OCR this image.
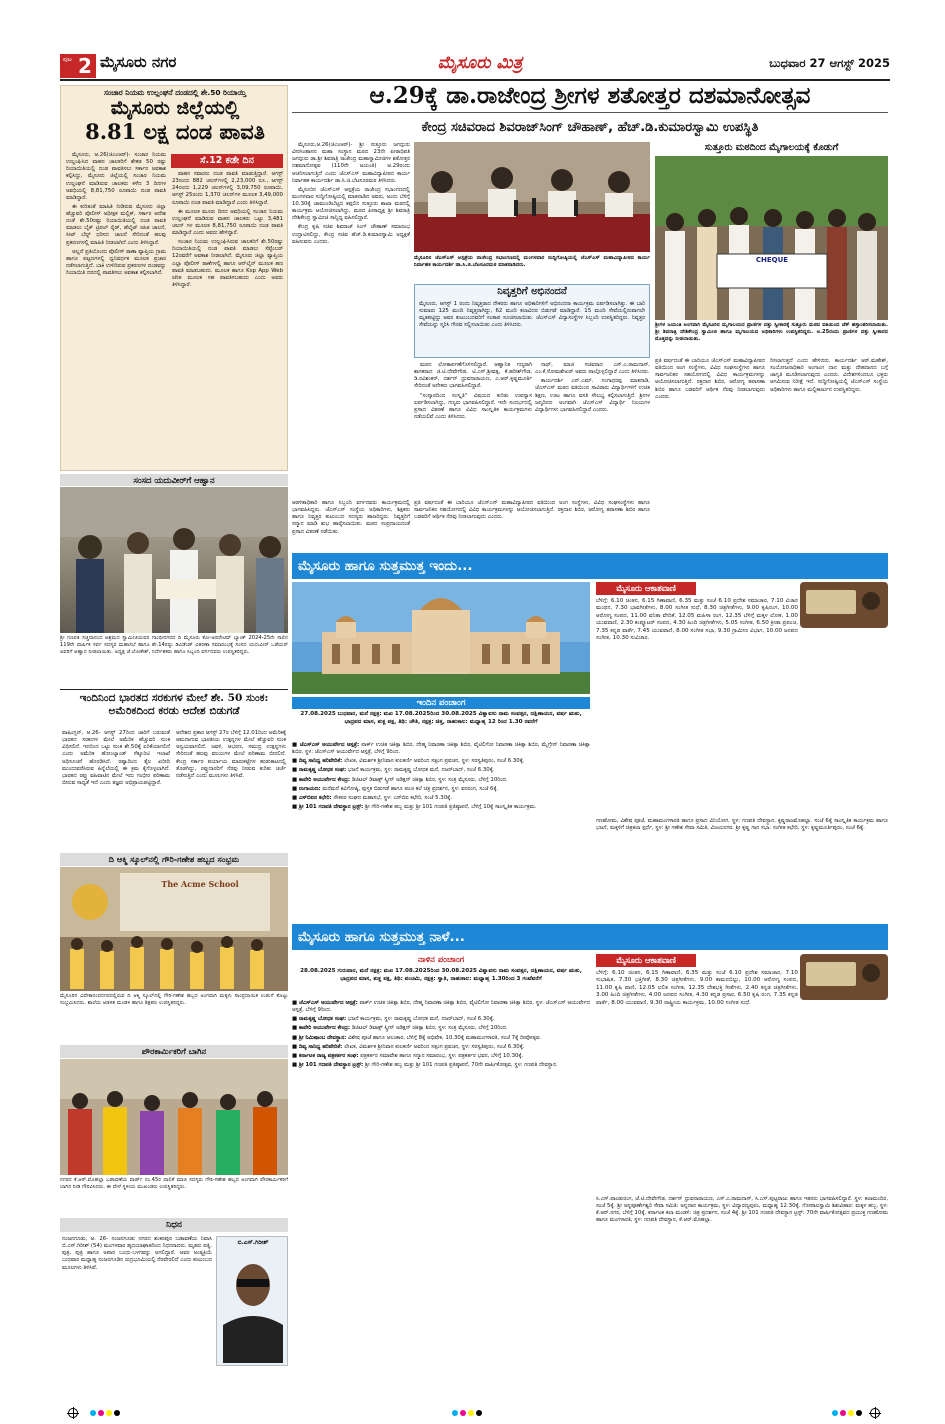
ಪುಟ 2 ಮೈಸೂರು ನಗರ	ಮೈಸೂರು ಮಿತ್ರ	ಬುಧವಾರ 27 ಆಗಸ್ಟ್ 2025
ಸಂಚಾರ ನಿಯಮ ಉಲ್ಲಂಘನೆ ದಂಡದಲ್ಲಿ ಶೇ.50 ರಿಯಾಯ್ತಿ
ಮೈಸೂರು ಜಿಲ್ಲೆಯಲ್ಲಿ
8.81 ಲಕ್ಷ ದಂಡ ಪಾವತಿ

ಮೈಸೂರು, ಆ.26(ಜಿಎಂಆರ್)- ಸಂಚಾರ ನಿಯಮ ಉಲ್ಲಂಘಿಸಿದ ವಾಹನ ಚಾಲಕರಿಗೆ ಶೇಕಡ 50 ರಷ್ಟು ರಿಯಾಯಿತಿಯಲ್ಲಿ ದಂಡ ಪಾವತಿಸಲು ಸರ್ಕಾರ ಅವಕಾಶ ಕಲ್ಪಿಸಿದ್ದು, ಮೈಸೂರು ಜಿಲ್ಲೆಯಲ್ಲಿ ಸಂಚಾರ ನಿಯಮ ಉಲ್ಲಂಘನೆ ಮಾಡಿರುವ ಚಾಲಕರು ಕಳೆದ 3 ದಿನಗಳ ಅವಧಿಯಲ್ಲಿ 8,81,750 ರೂಪಾಯಿ ದಂಡ ಪಾವತಿ ಮಾಡಿದ್ದಾರೆ.

ಈ ಕುರಿತಂತೆ ಮಾಹಿತಿ ನೀಡಿರುವ ಮೈಸೂರು ಜಿಲ್ಲಾ ಹೆಚ್ಚುವರಿ ಪೊಲೀಸ್ ಅಧೀಕ್ಷಕ ಮಲ್ಲಿಕ್, ಸರ್ಕಾರ ಆದೇಶ ದಂತೆ ಶೇ.50ರಷ್ಟು ರಿಯಾಯಿತಿಯಲ್ಲಿ ದಂಡ ಪಾವತಿ ಮಾಡಲು ಬೈಕ್ ಟ್ರಿಪಲ್ ರೈಡ್, ಹೆಲ್ಮೆಟ್ ರಹಿತ ಚಾಲನೆ, ಸೀಟ್ ಬೆಲ್ಟ್ ಧರಿಸದ ಚಾಲನೆ ಸೇರಿದಂತೆ ಹಲವು ಪ್ರಕರಣಗಳಲ್ಲಿ ಮಾಹಿತಿ ನೀಡಲಾಗಿದೆ ಎಂದು ತಿಳಿಸಿದ್ದಾರೆ.

ಅಲ್ಲದೆ ಪ್ರತಿಯೊಂದು ಪೊಲೀಸ್ ಠಾಣಾ ವ್ಯಾಪ್ತಿಯ ಗ್ರಾಮ ಹಾಗೂ ಪಟ್ಟಣಗಳಲ್ಲಿ ಧ್ವನಿವರ್ಧಕ ಮೂಲಕ ಪ್ರಚಾರ ನಡೆಸಲಾಗುತ್ತಿದೆ. ಬಾಕಿ ಉಳಿದಿರುವ ಪ್ರಕರಣಗಳ ದಂಡವನ್ನು ರಿಯಾಯಿತಿ ದರದಲ್ಲಿ ಪಾವತಿಸಲು ಅವಕಾಶ ಕಲ್ಪಿಸಲಾಗಿದೆ.

ಸೆ.12 ಕಡೇ ದಿನ

ವಾಹನ ಸವಾರರು ದಂಡ ಪಾವತಿ ಮಾಡುತ್ತಿದ್ದಾರೆ. ಆಗಸ್ಟ್ 23ರಂದು 882 ಚಲನ್‌ಗಳಲ್ಲಿ 2,23,000 ರೂ., ಆಗಸ್ಟ್ 24ರಂದು 1,229 ಚಲನ್‌ಗಳಲ್ಲಿ 3,09,750 ರೂಪಾಯಿ, ಆಗಸ್ಟ್ 25ರಂದು 1,370 ಚಲನ್‌ಗಳ ಮೂಲಕ 3,49,000 ರೂಪಾಯಿ ದಂಡ ಪಾವತಿ ಮಾಡಿದ್ದಾರೆ ಎಂದು ತಿಳಿಸಿದ್ದಾರೆ.

ಈ ಮೂಲಕ ಮೂರು ದಿನದ ಅವಧಿಯಲ್ಲಿ ಸಂಚಾರ ನಿಯಮ ಉಲ್ಲಂಘನೆ ಮಾಡಿರುವ ವಾಹನ ಚಾಲಕರು ಒಟ್ಟು 3,481 ಚಲನ್ ಗಳ ಮೂಲಕ 8,81,750 ರೂಪಾಯಿ ದಂಡ ಪಾವತಿ ಮಾಡಿದ್ದಾರೆ ಎಂದು ಅವರು ಹೇಳಿದ್ದಾರೆ.

ಸಂಚಾರ ನಿಯಮ ಉಲ್ಲಂಘಿಸಿರುವ ಚಾಲಕರಿಗೆ ಶೇ.50ರಷ್ಟು ರಿಯಾಯಿತಿಯಲ್ಲಿ ದಂಡ ಪಾವತಿ ಮಾಡಲು ಸೆಪ್ಟೆಂಬರ್ 12ರವರೆಗೆ ಅವಕಾಶ ನೀಡಲಾಗಿದೆ. ಮೈಸೂರು ಜಿಲ್ಲಾ ವ್ಯಾಪ್ತಿಯ ಎಲ್ಲಾ ಪೊಲೀಸ್ ಠಾಣೆಗಳಲ್ಲಿ ಹಾಗೂ ಆನ್‌ಲೈನ್ ಮೂಲಕ ಹಣ ಪಾವತಿ ಮಾಡಬಹುದು. ಮೂಲಕ ಹಾಗೂ Ksp App Web site ಮೂಲಕ ಸಹ ಪಾವತಿಸಬಹುದು ಎಂದು ಅವರು ತಿಳಿಸಿದ್ದಾರೆ.

ಸಂಸದ ಯದುವೀರ್‌ಗೆ ಆಹ್ವಾನ
ಶ್ರೀ ಗಣಪತಿ ಸಚ್ಚಿದಾನಂದ ಆಶ್ರಮದ ಸ್ವಾಮೀಜಿಯವರ ಗಾಂಧೀನಗರದ ದಿ ಮೈಸೂರು ಕೋ-ಆಪರೇಟಿವ್ ಬ್ಯಾಂಕ್ 2024-25ನೇ ಸಾಲಿನ 119ನೇ ವಾರ್ಷಿಕ ಸರ್ವ ಸದಸ್ಯರ ಮಹಾಸಭೆ ಹಾಗೂ ಶೇ.14ರಷ್ಟು ಡಿವಿಡೆಂಡ್ ವಿತರಣಾ ಸಮಾರಂಭಕ್ಕೆ ಸಂಸದ ಯದುವೀರ್ ಒಡೆಯರ್ ಅವರಿಗೆ ಆಹ್ವಾನ ನೀಡಲಾಯಿತು. ಅಧ್ಯಕ್ಷ ಜೆ.ಲೋಕೇಶ್, ನಿರ್ದೇಶಕರು ಹಾಗೂ ಸಿಬ್ಬಂದಿ ವರ್ಗದವರು ಉಪಸ್ಥಿತರಿದ್ದರು.
ಇಂದಿನಿಂದ ಭಾರತದ ಸರಕುಗಳ ಮೇಲೆ ಶೇ. 50 ಸುಂಕ: ಅಮೆರಿಕದಿಂದ ಕರಡು ಆದೇಶ ಬಿಡುಗಡೆ
ವಾಷಿಂಗ್ಟನ್, ಆ.26- ಆಗಸ್ಟ್ 27ರಿಂದ ಜಾರಿಗೆ ಬರುವಂತೆ ಭಾರತದ ಸರಕುಗಳ ಮೇಲೆ ಅಮೆರಿಕ ಹೆಚ್ಚುವರಿ ಸುಂಕ ವಿಧಿಸಲಿದೆ. ಇದರಿಂದ ಒಟ್ಟು ಸುಂಕ ಶೇ.50ಕ್ಕೆ ಏರಿಕೆಯಾಗಲಿದೆ ಎಂದು ಅಮೆರಿಕ ಹೋಂಲ್ಯಾಂಡ್ ಸೆಕ್ಯೂರಿಟಿ ಇಲಾಖೆ ಅಧಿಸೂಚನೆ ಹೊರಡಿಸಿದೆ. ರಷ್ಯಾದಿಂದ ತೈಲ ಖರೀದಿ ಮುಂದುವರೆಸಿರುವ ಹಿನ್ನೆಲೆಯಲ್ಲಿ ಈ ಕ್ರಮ ಕೈಗೊಳ್ಳಲಾಗಿದೆ. ಭಾರತದ ರಫ್ತು ವಹಿವಾಟಿನ ಮೇಲೆ ಇದು ಗಂಭೀರ ಪರಿಣಾಮ ಬೀರುವ ಸಾಧ್ಯತೆ ಇದೆ ಎಂದು ತಜ್ಞರು ಅಭಿಪ್ರಾಯಪಟ್ಟಿದ್ದಾರೆ.
ಆದೇಶದ ಪ್ರಕಾರ ಆಗಸ್ಟ್ 27ರ ಬೆಳಿಗ್ಗೆ 12.01ರಿಂದ ಅಮೆರಿಕಕ್ಕೆ ಆಮದಾಗುವ ಭಾರತೀಯ ಉತ್ಪನ್ನಗಳ ಮೇಲೆ ಹೆಚ್ಚುವರಿ ಸುಂಕ ಅನ್ವಯವಾಗಲಿದೆ. ಜವಳಿ, ಆಭರಣ, ಸಮುದ್ರ ಉತ್ಪನ್ನಗಳು ಸೇರಿದಂತೆ ಹಲವು ವಲಯಗಳ ಮೇಲೆ ಪರಿಣಾಮ ಬೀರಲಿದೆ. ಕೇಂದ್ರ ಸರ್ಕಾರ ಪರ್ಯಾಯ ಮಾರುಕಟ್ಟೆಗಳ ಹುಡುಕಾಟದಲ್ಲಿ ತೊಡಗಿದ್ದು, ರಫ್ತುದಾರರಿಗೆ ನೆರವು ನೀಡುವ ಕುರಿತು ಚರ್ಚೆ ನಡೆಸುತ್ತಿದೆ ಎಂದು ಮೂಲಗಳು ತಿಳಿಸಿವೆ.
ದಿ ಆಕ್ಮಿ ಸ್ಕೂಲ್‌ನಲ್ಲಿ ಗೌರಿ-ಗಣೇಶ ಹಬ್ಬದ ಸಂಭ್ರಮ
The Acme School
ಮೈಸೂರಿನ ವಿವೇಕಾನಂದನಗರದಲ್ಲಿರುವ ದಿ ಆಕ್ಮಿ ಸ್ಕೂಲ್‌ನಲ್ಲಿ ಗೌರಿ-ಗಣೇಶ ಹಬ್ಬದ ಅಂಗವಾಗಿ ಮಕ್ಕಳು ಸಾಂಪ್ರದಾಯಿಕ ಉಡುಗೆ ತೊಟ್ಟು ಸಂಭ್ರಮಿಸಿದರು. ಶಾಲೆಯ ಆಡಳಿತ ಮಂಡಳಿ ಹಾಗೂ ಶಿಕ್ಷಕರು ಉಪಸ್ಥಿತರಿದ್ದರು.
ಪೌರಕಾರ್ಮಿಕರಿಗೆ ಬಾಗಿನ
ನಗರದ ಕೆ.ಆರ್.ಮೊಹಲ್ಲಾ ಬಡಾವಣೆಯ ವಾರ್ಡ್ ನಂ.45ರ ಪಾಲಿಕೆ ಮಾಜಿ ಸದಸ್ಯರು ಗೌರಿ-ಗಣೇಶ ಹಬ್ಬದ ಅಂಗವಾಗಿ ಪೌರಕಾರ್ಮಿಕರಿಗೆ ಬಾಗಿನ ನೀಡಿ ಗೌರವಿಸಿದರು. ಈ ವೇಳೆ ಸ್ಥಳೀಯ ಮುಖಂಡರು ಉಪಸ್ಥಿತರಿದ್ದರು.
ನಿಧನ
ನಂಜನಗೂಡು, ಆ. 26- ನಂಜನಗೂಡು ನಗರದ ಶಂಕರಪುರ ಬಡಾವಣೆಯ ನಿವಾಸಿ ಬಿ.ಎಸ್.ಗಿರೀಶ್ (54) ಮಂಗಳವಾರ ಹೃದಯಾಘಾತದಿಂದ ನಿಧನರಾದರು. ಮೃತರು ಪತ್ನಿ, ಪುತ್ರ, ಪುತ್ರಿ ಹಾಗೂ ಅಪಾರ ಬಂಧು-ಬಳಗವನ್ನು ಅಗಲಿದ್ದಾರೆ. ಅವರ ಅಂತ್ಯಕ್ರಿಯೆ ಬುಧವಾರ ಮಧ್ಯಾಹ್ನ ನಂಜನಗೂಡಿನ ರುದ್ರಭೂಮಿಯಲ್ಲಿ ನೆರವೇರಲಿದೆ ಎಂದು ಕುಟುಂಬದ ಮೂಲಗಳು ತಿಳಿಸಿವೆ.
ಬಿ.ಎಸ್.ಗಿರೀಶ್
ಆ.29ಕ್ಕೆ ಡಾ.ರಾಜೇಂದ್ರ ಶ್ರೀಗಳ ಶತೋತ್ತರ ದಶಮಾನೋತ್ಸವ
ಕೇಂದ್ರ ಸಚಿವರಾದ ಶಿವರಾಜ್‌ಸಿಂಗ್ ಚೌಹಾಣ್, ಹೆಚ್.ಡಿ.ಕುಮಾರಸ್ವಾಮಿ ಉಪಸ್ಥಿತಿ

ಮೈಸೂರು,ಆ.26(ಜಿಎಂಆರ್)- ಶ್ರೀ ಸುತ್ತೂರು ಜಗದ್ಗುರು ವೀರಸಿಂಹಾಸನ ಮಹಾ ಸಂಸ್ಥಾನ ಮಠದ 23ನೇ ಪೀಠಾಧಿಪತಿ ಜಗದ್ಗುರು ಡಾ.ಶ್ರೀ ಶಿವರಾತ್ರಿ ರಾಜೇಂದ್ರ ಮಹಾಸ್ವಾಮೀಜಿಗಳ ಶತೋತ್ತರ ದಶಮಾನೋತ್ಸವ (110ನೇ ಜಯಂತಿ) ಆ.29ರಂದು ಆಚರಿಸಲಾಗುತ್ತಿದೆ ಎಂದು ಜೆಎಸ್‌ಎಸ್ ಮಹಾವಿದ್ಯಾಪೀಠದ ಕಾರ್ಯ ನಿರ್ವಾಹಕ ಕಾರ್ಯದರ್ಶಿ ಡಾ.ಸಿ.ಜಿ.ಬೆಟಸೂರಮಠ ತಿಳಿಸಿದರು.

ಮೈಸೂರಿನ ಜೆಎಸ್‌ಎಸ್ ಆಸ್ಪತ್ರೆಯ ರಾಜೇಂದ್ರ ಸಭಾಂಗಣದಲ್ಲಿ ಮಂಗಳವಾರ ಸುದ್ದಿಗೋಷ್ಠಿಯಲ್ಲಿ ಮಾತನಾಡಿದ ಅವರು, ಅಂದು ಬೆಳಿಗ್ಗೆ 10.30ಕ್ಕೆ ಚಾಮುಂಡಿಬೆಟ್ಟದ ತಪ್ಪಲಿನ ಸುತ್ತೂರು ಶಾಖಾ ಮಠದಲ್ಲಿ ಕಾರ್ಯಕ್ರಮ ಆಯೋಜಿಸಲಾಗಿದ್ದು, ಮಠದ ಪೀಠಾಧ್ಯಕ್ಷ ಶ್ರೀ ಶಿವರಾತ್ರಿ ದೇಶಿಕೇಂದ್ರ ಸ್ವಾಮೀಜಿ ಸಾನ್ನಿಧ್ಯ ವಹಿಸಲಿದ್ದಾರೆ.

ಕೇಂದ್ರ ಕೃಷಿ ಸಚಿವ ಶಿವರಾಜ್ ಸಿಂಗ್ ಚೌಹಾಣ್ ಸಮಾರಂಭ ಉದ್ಘಾಟಿಸಲಿದ್ದು, ಕೇಂದ್ರ ಸಚಿವ ಹೆಚ್.ಡಿ.ಕುಮಾರಸ್ವಾಮಿ ಅಧ್ಯಕ್ಷತೆ ವಹಿಸುವರು ಎಂದರು.

ಮೈಸೂರಿನ ಜೆಎಸ್‌ಎಸ್ ಆಸ್ಪತ್ರೆಯ ರಾಜೇಂದ್ರ ಸಭಾಂಗಣದಲ್ಲಿ ಮಂಗಳವಾರ ಸುದ್ದಿಗೋಷ್ಠಿಯಲ್ಲಿ ಜೆಎಸ್‌ಎಸ್ ಮಹಾವಿದ್ಯಾಪೀಠದ ಕಾರ್ಯ ನಿರ್ವಾಹಕ ಕಾರ್ಯದರ್ಶಿ ಡಾ.ಸಿ.ಜಿ.ಬೆಟಸೂರಮಠ ಮಾತನಾಡಿದರು.
ನಿವೃತ್ತರಿಗೆ ಅಭಿನಂದನೆ
ಮೈಸೂರು, ಆಗಸ್ಟ್ 1 ರಂದು ನಿವೃತ್ತರಾದ ನೌಕರರು ಹಾಗೂ ಅಧಿಕಾರಿಗಳಿಗೆ ಅಭಿನಂದನಾ ಕಾರ್ಯಕ್ರಮ ಏರ್ಪಡಿಸಲಾಗಿತ್ತು. ಈ ಬಾರಿ ಸುಮಾರು 125 ಮಂದಿ ನಿವೃತ್ತರಾಗಿದ್ದು, 62 ಮಂದಿ ಕಲಾವಿದರ ಬಿಡುಗಡೆ ಮಾಡಿದ್ದಾರೆ. 15 ಮಂದಿ ಸೇವೆಯಲ್ಲಿರುವಾಗಲೇ ಮೃತಪಟ್ಟಿದ್ದು ಅವರ ಕುಟುಂಬದವರಿಗೆ ಸಂತಾಪ ಸೂಚಿಸಲಾಯಿತು. ಜೆಎಸ್‌ಎಸ್ ವಿದ್ಯಾಸಂಸ್ಥೆಗಳ ಸಿಬ್ಬಂದಿ ಉಪಸ್ಥಿತರಿದ್ದರು. ನಿವೃತ್ತರ ಸೇವೆಯನ್ನು ಸ್ಮರಿಸಿ ಗೌರವ ಸಲ್ಲಿಸಲಾಯಿತು ಎಂದು ತಿಳಿಸಿದರು.

ಮಠದ ಲೋಕಾರ್ಪಣೆಗೊಳಿಸಲಿದ್ದಾರೆ. ಆಹ್ವಾನಿತ ಗಣ್ಯರಾಗಿ ಶಾಸಕರಾದ ಜಿ.ಟಿ.ದೇವೇಗೌಡ, ಟಿ.ಎಸ್.ಶ್ರೀವತ್ಸ, ಕೆ.ಹರೀಶ್‌ಗೌಡ, ಡಿ.ರವಿಶಂಕರ್, ದರ್ಶನ್ ಧ್ರುವನಾರಾಯಣ, ಎ.ಆರ್.ಕೃಷ್ಣಮೂರ್ತಿ ಸೇರಿದಂತೆ ಅನೇಕರು ಭಾಗವಹಿಸಲಿದ್ದಾರೆ.

"ಸಂಸ್ಕಾರದಿಂದ ಸಂಸ್ಕೃತಿ" ವಿಷಯದ ಕುರಿತು ಉಪನ್ಯಾಸ ಏರ್ಪಡಿಸಲಾಗಿದ್ದು, ಗಣ್ಯರು ಭಾಗವಹಿಸಲಿದ್ದಾರೆ. ಇದೇ ಸಂದರ್ಭದಲ್ಲಿ ಪ್ರಸಾದ ವಿತರಣೆ ಹಾಗೂ ವಿವಿಧ ಸಾಂಸ್ಕೃತಿಕ ಕಾರ್ಯಕ್ರಮಗಳು ನಡೆಯಲಿವೆ ಎಂದು ತಿಳಿಸಿದರು.

ನಾಥ್, ಮಾಜಿ ಸಚಿವರಾದ ಎಸ್.ಎ.ರಾಮದಾಸ್, ಎಂ.ಕೆ.ಸೋಮಶೇಖರ್ ಅವರು ಪಾಲ್ಗೊಳ್ಳಲಿದ್ದಾರೆ ಎಂದು ತಿಳಿಸಿದರು.

ಕಾರ್ಯದರ್ಶಿ ಎನ್.ಎಮ್. ಗಂಗಾಧರಪ್ಪ ಮಾತನಾಡಿ, ಜೆಎಸ್‌ಎಸ್ ಮಠದ ವತಿಯಿಂದ ಸಾವಿರಾರು ವಿದ್ಯಾರ್ಥಿಗಳಿಗೆ ಉಚಿತ ಶಿಕ್ಷಣ, ಊಟ ಹಾಗೂ ವಸತಿ ಸೌಲಭ್ಯ ಕಲ್ಪಿಸಲಾಗುತ್ತಿದೆ. ಶ್ರೀಗಳ ಜನ್ಮದಿನದ ಅಂಗವಾಗಿ ಜೆಎಸ್‌ಎಸ್ ವಿದ್ಯಾರ್ಥಿ ನಿಲಯಗಳ ವಿದ್ಯಾರ್ಥಿಗಳು ಭಾಗವಹಿಸಲಿದ್ದಾರೆ ಎಂದರು.

ಸುತ್ತೂರು ಮಠದಿಂದ ಮೈಗಾಲಯಕ್ಕೆ ಕೊಡುಗೆ
CHEQUE
ಶ್ರೀಗಳ ಜಯಂತಿ ಅಂಗವಾಗಿ ಮೈಸೂರಿನ ಮೃಗಾಲಯದ ಪ್ರಾಣಿಗಳ ದತ್ತು ಸ್ವೀಕಾರಕ್ಕೆ ಸುತ್ತೂರು ಮಠದ ವತಿಯಿಂದ ಚೆಕ್ ಹಸ್ತಾಂತರಿಸಲಾಯಿತು. ಶ್ರೀ ಶಿವರಾತ್ರಿ ದೇಶಿಕೇಂದ್ರ ಸ್ವಾಮೀಜಿ ಹಾಗೂ ಮೃಗಾಲಯದ ಅಧಿಕಾರಿಗಳು ಉಪಸ್ಥಿತರಿದ್ದರು. ಆ.25ರಂದು ಪ್ರಾಣಿಗಳ ದತ್ತು ಸ್ವೀಕಾರದ ಮೊತ್ತವನ್ನು ನೀಡಲಾಯಿತು.
ಆಡಳಿತಾಧಿಕಾರಿ ಹಾಗೂ ಸಿಬ್ಬಂದಿ ವರ್ಗದವರು ಕಾರ್ಯಕ್ರಮದಲ್ಲಿ ಭಾಗವಹಿಸಿದ್ದರು. ಜೆಎಸ್‌ಎಸ್ ಸಂಸ್ಥೆಯ ಅಧಿಕಾರಿಗಳು, ಶಿಕ್ಷಕರು ಹಾಗೂ ನಿವೃತ್ತರ ಕುಟುಂಬದ ಸದಸ್ಯರು ಹಾಜರಿದ್ದರು. ನಿವೃತ್ತರಿಗೆ ಸನ್ಮಾನ ಮಾಡಿ ಶುಭ ಹಾರೈಸಲಾಯಿತು. ಮಠದ ಸಂಪ್ರದಾಯದಂತೆ ಪ್ರಸಾದ ವಿತರಣೆ ನಡೆಯಿತು.
ಪ್ರತಿ ವರ್ಷದಂತೆ ಈ ಬಾರಿಯೂ ಜೆಎಸ್‌ಎಸ್ ಮಹಾವಿದ್ಯಾಪೀಠದ ವತಿಯಿಂದ ಅಂಗ ಸಂಸ್ಥೆಗಳು, ವಿವಿಧ ಸಂಘಸಂಸ್ಥೆಗಳು ಹಾಗೂ ಸಾರ್ವಜನಿಕರ ಸಹಯೋಗದಲ್ಲಿ ವಿವಿಧ ಕಾರ್ಯಕ್ರಮಗಳನ್ನು ಆಯೋಜಿಸಲಾಗುತ್ತಿದೆ. ರಕ್ತದಾನ ಶಿಬಿರ, ಆರೋಗ್ಯ ತಪಾಸಣಾ ಶಿಬಿರ ಹಾಗೂ ಬಡವರಿಗೆ ಆರ್ಥಿಕ ನೆರವು ನೀಡಲಾಗುವುದು ಎಂದರು.
ಪ್ರತಿ ವರ್ಷದಂತೆ ಈ ಬಾರಿಯೂ ಜೆಎಸ್‌ಎಸ್ ಮಹಾವಿದ್ಯಾಪೀಠದ ವತಿಯಿಂದ ಅಂಗ ಸಂಸ್ಥೆಗಳು, ವಿವಿಧ ಸಂಘಸಂಸ್ಥೆಗಳು ಹಾಗೂ ಸಾರ್ವಜನಿಕರ ಸಹಯೋಗದಲ್ಲಿ ವಿವಿಧ ಕಾರ್ಯಕ್ರಮಗಳನ್ನು ಆಯೋಜಿಸಲಾಗುತ್ತಿದೆ. ರಕ್ತದಾನ ಶಿಬಿರ, ಆರೋಗ್ಯ ತಪಾಸಣಾ ಶಿಬಿರ ಹಾಗೂ ಬಡವರಿಗೆ ಆರ್ಥಿಕ ನೆರವು ನೀಡಲಾಗುವುದು ಎಂದರು.
ರಿಸಲಾಗುತ್ತದೆ ಎಂದು ಹೇಳಿದರು. ಕಾರ್ಯದರ್ಶಿ ಆರ್.ಮಹೇಶ್, ಸಂಯೋಜನಾಧಿಕಾರಿ ಅಂಗಾಂಗ ದಾನ ಮತ್ತು ದೇಹದಾನದ ಬಗ್ಗೆ ಜಾಗೃತಿ ಮೂಡಿಸಲಾಗುವುದು ಎಂದರು. ವಿದೇಶಗಳಿಂದಲೂ ಭಕ್ತರು ಆಗಮಿಸುವ ನಿರೀಕ್ಷೆ ಇದೆ. ಸುದ್ದಿಗೋಷ್ಠಿಯಲ್ಲಿ ಜೆಎಸ್‌ಎಸ್ ಸಂಸ್ಥೆಯ ಅಧಿಕಾರಿಗಳು ಹಾಗೂ ಮಲ್ಲಿಕಾರ್ಜುನ ಉಪಸ್ಥಿತರಿದ್ದರು.
ಮೈಸೂರು ಹಾಗೂ ಸುತ್ತಮುತ್ತ ಇಂದು...
ಇಂದಿನ ಪಂಚಾಂಗ
27.08.2025 ಬುಧವಾರ, ಮನೆ ನಕ್ಷತ್ರ: ಮಖ 17.08.2025ರಿಂದ 30.08.2025 ವಿಶ್ವಾವಸು ನಾಮ ಸಂವತ್ಸರ, ದಕ್ಷಿಣಾಯನ, ವರ್ಷ ಋತು, ಭಾದ್ರಪದ ಮಾಸ, ಶುಕ್ಲ ಪಕ್ಷ, ತಿಥಿ: ಚೌತಿ, ನಕ್ಷತ್ರ: ಚಿತ್ತ, ರಾಹುಕಾಲ: ಮಧ್ಯಾಹ್ನ 12 ರಿಂದ 1.30 ರವರೆಗೆ

■ ಜೆಎಸ್‌ಎಸ್ ಆಯುರ್ವೇದ ಆಸ್ಪತ್ರೆ: ಪಾರ್ಕ್ ಉಚಿತ ಚಿಕಿತ್ಸಾ ಶಿಬಿರ, ದೇಹ್ಮ ನಿವಾರಣಾ ಚಿಕಿತ್ಸಾ ಶಿಬಿರ, ವೈಟಿಲಿಗೋ ನಿವಾರಣಾ ಚಿಕಿತ್ಸಾ ಶಿಬಿರ, ಮೈಗ್ರೇನ್ ನಿವಾರಣಾ ಚಿಕಿತ್ಸಾ ಶಿಬಿರ, ಸ್ಥಳ: ಜೆಎಸ್‌ಎಸ್ ಆಯುರ್ವೇದ ಆಸ್ಪತ್ರೆ, ಬೆಳಿಗ್ಗೆ 9ರಿಂದ.

■ ದಿವ್ಯ ಸಾನಿಧ್ಯ ಹರಿವೇದಿಕೆ: ಲೇಖಕ, ವಿಮರ್ಶಕ ಶ್ರೀನಿವಾಸ ಕುಲಕರ್ಣಿ ಅವರಿಂದ ಸತ್ಸಂಗ ಪ್ರವಚನ, ಸ್ಥಳ: ಸರಸ್ವತಿಪುರಂ, ಸಂಜೆ 6.30ಕ್ಕೆ.

■ ರಾಮಕೃಷ್ಣ ಬೋಧಕ ಸಂಘ: ಭಜನೆ ಕಾರ್ಯಕ್ರಮ, ಸ್ಥಳ: ರಾಮಕೃಷ್ಣ ಬೋಧಕ ಮನೆ, ನಜರ್‌ಬಾದ್, ಸಂಜೆ 6.30ಕ್ಕೆ.

■ ಕಾವೇರಿ ಆಯುರ್ವೇದ ಕೇಂದ್ರ: ಡಿಜಿಟಲ್ ಡಿಟಾಕ್ಸ್ ಸ್ಕ್ರೀನ್ ಅಡಿಕ್ಷನ್ ಚಿಕಿತ್ಸಾ ಶಿಬಿರ, ಸ್ಥಳ: ಸಂತ್ರ ಮೈಸೂರು, ಬೆಳಿಗ್ಗೆ 10ರಿಂದ.

■ ರಂಗಾಯಣ: ಮನೆಮನೆ ಕವಿಗೋಷ್ಠಿ, ಪುಸ್ತಕ ಬಿಡುಗಡೆ ಹಾಗೂ ಪಂಚ ಕಲೆ ಚಿತ್ರ ಪ್ರದರ್ಶನ, ಸ್ಥಳ: ವನರಂಗ, ಸಂಜೆ 6ಕ್ಕೆ.

■ ಎಸ್‌ಬಿಐನ ಕಛೇರಿ: ನೌಕರರ ಸಂಘದ ಮಹಾಸಭೆ, ಸ್ಥಳ: ಎಸ್‌ಬಿಐ ಕಛೇರಿ, ಸಂಜೆ 5.30ಕ್ಕೆ.

■ ಶ್ರೀ 101 ಗಣಪತಿ ದೇವಸ್ಥಾನ ಟ್ರಸ್ಟ್: ಶ್ರೀ ಗೌರಿ-ಗಣೇಶ ಹಬ್ಬ ಮತ್ತು ಶ್ರೀ 101 ಗಣಪತಿ ಪ್ರತಿಷ್ಠಾಪನೆ, ಬೆಳಿಗ್ಗೆ 10ಕ್ಕೆ ಸಾಂಸ್ಕೃತಿಕ ಕಾರ್ಯಕ್ರಮ.

ಮೈಸೂರು ಆಕಾಶವಾಣಿ
ಬೆಳಿಗ್ಗೆ: 6.10 ಚಿಂತನ, 6.15 ಗಿಣಾವಾಣಿ, 6.35 ಮತ್ತು ಸಂಜೆ 6.10 ಪ್ರದೇಶ ಸಮಾಚಾರ, 7.10 ವಿಚಾರ ಮಂಥನ, 7.30 ಭಾವಗೀತೆಗಳು, 8.00 ಸಂಗೀತ ಸುಧೆ, 8.30 ಚಿತ್ರಗೀತೆಗಳು, 9.00 ಕೃಷಿರಂಗ, 10.00 ಆರೋಗ್ಯ ಸಂಪದ, 11.00 ವನಿತಾ ವೇದಿಕೆ, 12.05 ಮಹಿಳಾ ರಂಗ, 12.35 ಬೆಳಿಗ್ಗೆ ಮಕ್ಕಳ ಲೋಕ, 1.00 ಯುವವಾಣಿ, 2.30 ಕಂಪ್ಯೂಟರ್ ಸಂಪದ, 4.30 ಹಿಂದಿ ಚಿತ್ರಗೀತೆಗಳು, 5.05 ಸಂಗೀತ, 6.50 ಕ್ರೀಡಾ ಪ್ರಪಂಚ, 7.35 ಕನ್ನಡ ವಾರ್ತೆ, 7.45 ಯುವವಾಣಿ, 8.00 ಸಂಗೀತ ಸಭಾ, 9.30 ಗ್ರಾಮೀಣ ವಿಭಾಗ, 10.00 ಜನಪದ ಸಂಗೀತ, 10.30 ಸುವಿಚಾರ.
ಗಣಹೋಮ, ವಿಶೇಷ ಪೂಜೆ, ಮಹಾಮಂಗಳಾರತಿ ಹಾಗೂ ಪ್ರಸಾದ ವಿನಿಯೋಗ, ಸ್ಥಳ: ಗಣಪತಿ ದೇವಸ್ಥಾನ, ಕೃಷ್ಣರಾಜಮೊಹಲ್ಲಾ. ಸಂಜೆ 6ಕ್ಕೆ ಸಾಂಸ್ಕೃತಿಕ ಕಾರ್ಯಕ್ರಮ ಹಾಗೂ ಭಜನೆ, ಮಕ್ಕಳಿಗೆ ಚಿತ್ರಕಲಾ ಸ್ಪರ್ಧೆ, ಸ್ಥಳ: ಶ್ರೀ ಗಣೇಶ ಸೇವಾ ಸಮಿತಿ, ವಿಜಯನಗರ. ಶ್ರೀ ಕೃಷ್ಣ ಗಾನ ಸಭಾ: ಸಂಗೀತ ಕಛೇರಿ, ಸ್ಥಳ: ಕೃಷ್ಣಮೂರ್ತಿಪುರಂ, ಸಂಜೆ 6ಕ್ಕೆ.
ಮೈಸೂರು ಹಾಗೂ ಸುತ್ತಮುತ್ತ ನಾಳೆ...
ನಾಳಿನ ಪಂಚಾಂಗ
28.08.2025 ಗುರುವಾರ, ಮನೆ ನಕ್ಷತ್ರ: ಮಖ 17.08.2025ರಿಂದ 30.08.2025 ವಿಶ್ವಾವಸು ನಾಮ ಸಂವತ್ಸರ, ದಕ್ಷಿಣಾಯನ, ವರ್ಷ ಋತು, ಭಾದ್ರಪದ ಮಾಸ, ಶುಕ್ಲ ಪಕ್ಷ, ತಿಥಿ: ಪಂಚಮಿ, ನಕ್ಷತ್ರ: ಸ್ವಾತಿ, ರಾಹುಕಾಲ: ಮಧ್ಯಾಹ್ನ 1.30ರಿಂದ 3 ಗಂಟೆವರೆಗೆ

■ ಜೆಎಸ್‌ಎಸ್ ಆಯುರ್ವೇದ ಆಸ್ಪತ್ರೆ: ಪಾರ್ಕ್ ಉಚಿತ ಚಿಕಿತ್ಸಾ ಶಿಬಿರ, ದೇಹ್ಮ ನಿವಾರಣಾ ಚಿಕಿತ್ಸಾ ಶಿಬಿರ, ವೈಟಿಲಿಗೋ ನಿವಾರಣಾ ಚಿಕಿತ್ಸಾ ಶಿಬಿರ, ಸ್ಥಳ: ಜೆಎಸ್‌ಎಸ್ ಆಯುರ್ವೇದ ಆಸ್ಪತ್ರೆ, ಬೆಳಿಗ್ಗೆ 9ರಿಂದ.

■ ರಾಮಕೃಷ್ಣ ಬೋಧಕ ಸಂಘ: ಭಜನೆ ಕಾರ್ಯಕ್ರಮ, ಸ್ಥಳ: ರಾಮಕೃಷ್ಣ ಬೋಧಕ ಮನೆ, ನಜರ್‌ಬಾದ್, ಸಂಜೆ 6.30ಕ್ಕೆ.

■ ಕಾವೇರಿ ಆಯುರ್ವೇದ ಕೇಂದ್ರ: ಡಿಜಿಟಲ್ ಡಿಟಾಕ್ಸ್ ಸ್ಕ್ರೀನ್ ಅಡಿಕ್ಷನ್ ಚಿಕಿತ್ಸಾ ಶಿಬಿರ, ಸ್ಥಳ: ಸಂತ್ರ ಮೈಸೂರು, ಬೆಳಿಗ್ಗೆ 10ರಿಂದ.

■ ಶ್ರೀ ನಿಮಿಷಾಂಬ ದೇವಸ್ಥಾನ: ವಿಶೇಷ ಪೂಜೆ ಹಾಗೂ ಅಲಂಕಾರ, ಬೆಳಿಗ್ಗೆ 8ಕ್ಕೆ ಅಭಿಷೇಕ, 10.30ಕ್ಕೆ ಮಹಾಮಂಗಳಾರತಿ, ಸಂಜೆ 7ಕ್ಕೆ ದೀಪೋತ್ಸವ.

■ ದಿವ್ಯ ಸಾನಿಧ್ಯ ಹರಿವೇದಿಕೆ: ಲೇಖಕ, ವಿಮರ್ಶಕ ಶ್ರೀನಿವಾಸ ಕುಲಕರ್ಣಿ ಅವರಿಂದ ಸತ್ಸಂಗ ಪ್ರವಚನ, ಸ್ಥಳ: ಸರಸ್ವತಿಪುರಂ, ಸಂಜೆ 6.30ಕ್ಕೆ.

■ ಕರ್ನಾಟಕ ರಾಜ್ಯ ಪತ್ರಕರ್ತರ ಸಂಘ: ಪತ್ರಕರ್ತರ ಸಮಾವೇಶ ಹಾಗೂ ಸನ್ಮಾನ ಸಮಾರಂಭ, ಸ್ಥಳ: ಪತ್ರಕರ್ತರ ಭವನ, ಬೆಳಿಗ್ಗೆ 10.30ಕ್ಕೆ.

■ ಶ್ರೀ 101 ಗಣಪತಿ ದೇವಸ್ಥಾನ ಟ್ರಸ್ಟ್: ಶ್ರೀ ಗೌರಿ-ಗಣೇಶ ಹಬ್ಬ ಮತ್ತು ಶ್ರೀ 101 ಗಣಪತಿ ಪ್ರತಿಷ್ಠಾಪನೆ, 70ನೇ ವಾರ್ಷಿಕೋತ್ಸವ, ಸ್ಥಳ: ಗಣಪತಿ ದೇವಸ್ಥಾನ.

ಮೈಸೂರು ಆಕಾಶವಾಣಿ
ಬೆಳಿಗ್ಗೆ: 6.10 ಚಿಂತನ, 6.15 ಗಿಣಾವಾಣಿ, 6.35 ಮತ್ತು ಸಂಜೆ 6.10 ಪ್ರದೇಶ ಸಮಾಚಾರ, 7.10 ಸುಭಾಷಿತ, 7.30 ಭಕ್ತಿಗೀತೆ, 8.30 ಚಿತ್ರಗೀತೆಗಳು, 9.00 ಕಾಮನಬಿಲ್ಲು, 10.00 ಆರೋಗ್ಯ ಸಂಪದ, 11.00 ಕೃಷಿ ವಾಣಿ, 12.05 ಲಲಿತ ಸಂಗೀತ, 12.35 ದೇಶಭಕ್ತಿ ಗೀತೆಗಳು, 2.40 ಕನ್ನಡ ಚಿತ್ರಗೀತೆಗಳು, 3.00 ಹಿಂದಿ ಚಿತ್ರಗೀತೆಗಳು, 4.00 ಜನಪದ ಸಂಗೀತ, 4.30 ಕನ್ನಡ ಪ್ರಸಾರ, 6.50 ಕೃಷಿ ರಂಗ, 7.35 ಕನ್ನಡ ವಾರ್ತೆ, 8.00 ಯುವವಾಣಿ, 9.30 ರಾಷ್ಟ್ರೀಯ ಕಾರ್ಯಕ್ರಮ, 10.00 ಸಂಗೀತ ಸುಧೆ.
ಸಿ.ಎಸ್.ಪಾಂಡುರಂಗ, ಜೆ.ಟಿ.ದೇವೇಗೌಡ, ದರ್ಶನ್ ಧ್ರುವನಾರಾಯಣ, ಎಸ್.ಎ.ರಾಮದಾಸ್, ಸಿ.ಎಸ್.ಪುಟ್ಟರಾಜು ಹಾಗೂ ಇತರರು ಭಾಗವಹಿಸಲಿದ್ದಾರೆ. ಸ್ಥಳ: ಕಲಾಮಂದಿರ, ಸಂಜೆ 5ಕ್ಕೆ. ಶ್ರೀ ಅನ್ನಪೂರ್ಣೇಶ್ವರಿ ಸೇವಾ ಸಮಿತಿ: ಅನ್ನದಾನ ಕಾರ್ಯಕ್ರಮ, ಸ್ಥಳ: ವಿದ್ಯಾರಣ್ಯಪುರಂ, ಮಧ್ಯಾಹ್ನ 12.30ಕ್ಕೆ. ಗೋಪಾಲಸ್ವಾಮಿ ಶಿಶುವಿಹಾರ: ಮಕ್ಕಳ ಹಬ್ಬ, ಸ್ಥಳ: ಕೆ.ಆರ್.ನಗರ, ಬೆಳಿಗ್ಗೆ 10ಕ್ಕೆ. ಕರ್ನಾಟಕ ಕಲಾ ಮಂಡಳಿ: ಚಿತ್ರ ಪ್ರದರ್ಶನ, ಸಂಜೆ 4ಕ್ಕೆ. ಶ್ರೀ 101 ಗಣಪತಿ ದೇವಸ್ಥಾನ ಟ್ರಸ್ಟ್: 70ನೇ ವಾರ್ಷಿಕೋತ್ಸವದ ಪ್ರಯುಕ್ತ ಗಣಹೋಮ ಹಾಗೂ ಮಂಗಳಾರತಿ, ಸ್ಥಳ: ಗಣಪತಿ ದೇವಸ್ಥಾನ, ಕೆ.ಆರ್.ಮೊಹಲ್ಲಾ.
